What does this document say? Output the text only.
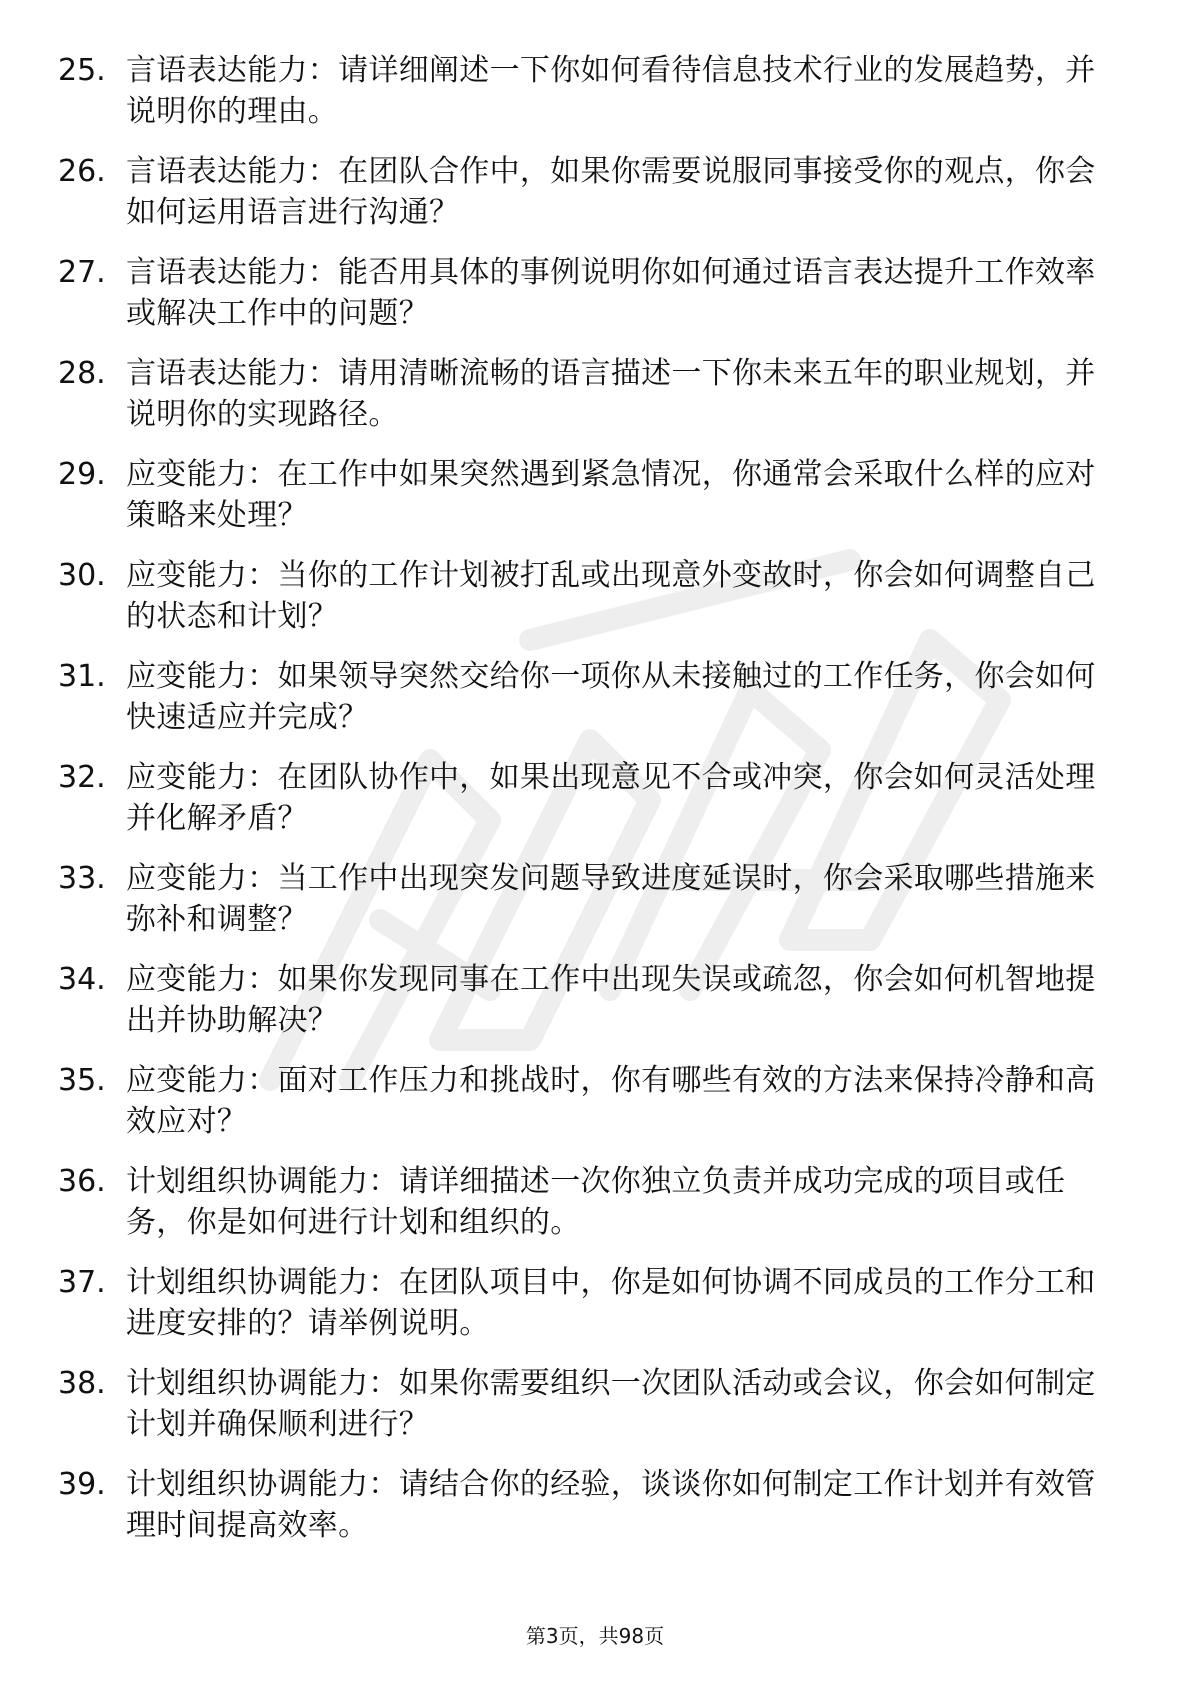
25. 言语表达能力：请详细阐述一下你如何看待信息技术行业的发展趋势，并说明你的理由。
26. 言语表达能力：在团队合作中，如果你需要说服同事接受你的观点，你会如何运用语言进行沟通？
27. 言语表达能力：能否用具体的事例说明你如何通过语言表达提升工作效率或解决工作中的问题？
28. 言语表达能力：请用清晰流畅的语言描述一下你未来五年的职业规划，并说明你的实现路径。
29. 应变能力：在工作中如果突然遇到紧急情况，你通常会采取什么样的应对策略来处理？
30. 应变能力：当你的工作计划被打乱或出现意外变故时，你会如何调整自己的状态和计划？
31. 应变能力：如果领导突然交给你一项你从未接触过的工作任务，你会如何快速适应并完成？
32. 应变能力：在团队协作中，如果出现意见不合或冲突，你会如何灵活处理并化解矛盾？
33. 应变能力：当工作中出现突发问题导致进度延误时，你会采取哪些措施来弥补和调整？
34. 应变能力：如果你发现同事在工作中出现失误或疏忽，你会如何机智地提出并协助解决？
35. 应变能力：面对工作压力和挑战时，你有哪些有效的方法来保持冷静和高效应对？
36. 计划组织协调能力：请详细描述一次你独立负责并成功完成的项目或任务，你是如何进行计划和组织的。
37. 计划组织协调能力：在团队项目中，你是如何协调不同成员的工作分工和进度安排的？请举例说明。
38. 计划组织协调能力：如果你需要组织一次团队活动或会议，你会如何制定计划并确保顺利进行？
39. 计划组织协调能力：请结合你的经验，谈谈你如何制定工作计划并有效管理时间提高效率。
第3页，共98页
